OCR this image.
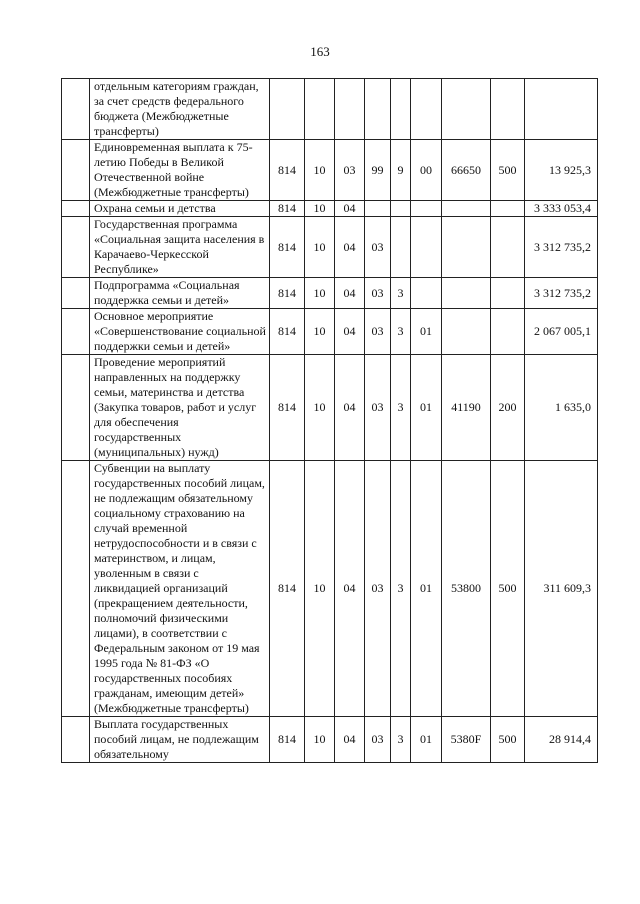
163
	отдельным категориям граждан, за счет средств федерального бюджета (Межбюджетные трансферты)									
	Единовременная выплата к 75-летию Победы в Великой Отечественной войне (Межбюджетные трансферты)	814	10	03	99	9	00	66650	500	13 925,3
	Охрана семьи и детства	814	10	04						3 333 053,4
	Государственная программа «Социальная защита населения в Карачаево-Черкесской Республике»	814	10	04	03					3 312 735,2
	Подпрограмма «Социальная поддержка семьи и детей»	814	10	04	03	3				3 312 735,2
	Основное мероприятие «Совершенствование социальной поддержки семьи и детей»	814	10	04	03	3	01			2 067 005,1
	Проведение мероприятий направленных на поддержку семьи, материнства и детства (Закупка товаров, работ и услуг для обеспечения государственных (муниципальных) нужд)	814	10	04	03	3	01	41190	200	1 635,0
	Субвенции на выплату государственных пособий лицам, не подлежащим обязательному социальному страхованию на случай временной нетрудоспособности и в связи с материнством, и лицам, уволенным в связи с ликвидацией организаций (прекращением деятельности, полномочий физическими лицами), в соответствии с Федеральным законом от 19 мая 1995 года № 81-ФЗ «О государственных пособиях гражданам, имеющим детей» (Межбюджетные трансферты)	814	10	04	03	3	01	53800	500	311 609,3
	Выплата государственных пособий лицам, не подлежащим обязательному	814	10	04	03	3	01	5380F	500	28 914,4
